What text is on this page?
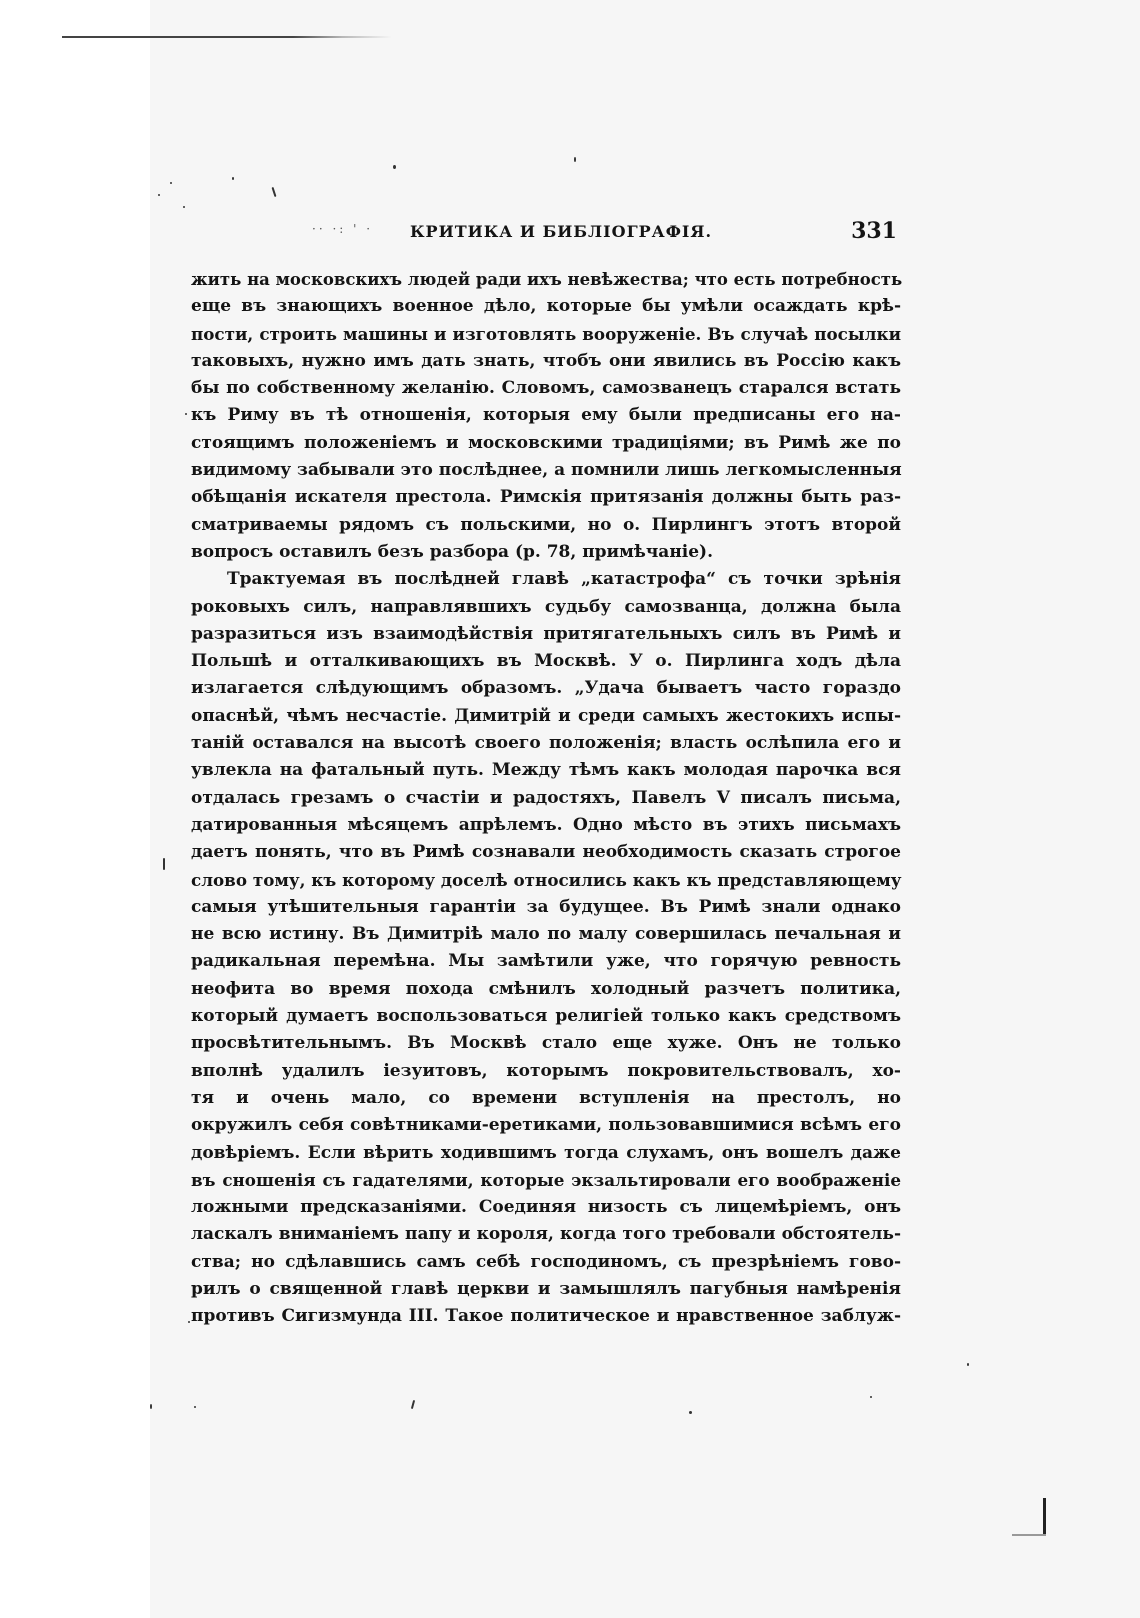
·· ·: ' · КРИТИКА И БИБЛІОГРАФІЯ.	331
жить на московскихъ людей ради ихъ невѣжества; что есть потребность
еще въ знающихъ военное дѣло, которые бы умѣли осаждать крѣ-
пости, строить машины и изготовлять вооруженіе. Въ случаѣ посылки
таковыхъ, нужно имъ дать знать, чтобъ они явились въ Россію какъ
бы по собственному желанію. Словомъ, самозванецъ старался встать
къ Риму въ тѣ отношенія, которыя ему были предписаны его на-
стоящимъ положеніемъ и московскими традиціями; въ Римѣ же по
видимому забывали это послѣднее, а помнили лишь легкомысленныя
обѣщанія искателя престола. Римскія притязанія должны быть раз-
сматриваемы рядомъ съ польскими, но о. Пирлингъ этотъ второй
вопросъ оставилъ безъ разбора (р. 78, примѣчаніе).
Трактуемая въ послѣдней главѣ „катастрофа“ съ точки зрѣнія
роковыхъ силъ, направлявшихъ судьбу самозванца, должна была
разразиться изъ взаимодѣйствія притягательныхъ силъ въ Римѣ и
Польшѣ и отталкивающихъ въ Москвѣ. У о. Пирлинга ходъ дѣла
излагается слѣдующимъ образомъ. „Удача бываетъ часто гораздо
опаснѣй, чѣмъ несчастіе. Димитрій и среди самыхъ жестокихъ испы-
таній оставался на высотѣ своего положенія; власть ослѣпила его и
увлекла на фатальный путь. Между тѣмъ какъ молодая парочка вся
отдалась грезамъ о счастіи и радостяхъ, Павелъ V писалъ письма,
датированныя мѣсяцемъ апрѣлемъ. Одно мѣсто въ этихъ письмахъ
даетъ понять, что въ Римѣ сознавали необходимость сказать строгое
слово тому, къ которому доселѣ относились какъ къ представляющему
самыя утѣшительныя гарантіи за будущее. Въ Римѣ знали однако
не всю истину. Въ Димитріѣ мало по малу совершилась печальная и
радикальная перемѣна. Мы замѣтили уже, что горячую ревность
неофита во время похода смѣнилъ холодный разчетъ политика,
который думаетъ воспользоваться религіей только какъ средствомъ
просвѣтительнымъ. Въ Москвѣ стало еще хуже. Онъ не только
вполнѣ удалилъ іезуитовъ, которымъ покровительствовалъ, хо-
тя и очень мало, со времени вступленія на престолъ, но
окружилъ себя совѣтниками-еретиками, пользовавшимися всѣмъ его
довѣріемъ. Если вѣрить ходившимъ тогда слухамъ, онъ вошелъ даже
въ сношенія съ гадателями, которые экзальтировали его воображеніе
ложными предсказаніями. Соединяя низость съ лицемѣріемъ, онъ
ласкалъ вниманіемъ папу и короля, когда того требовали обстоятель-
ства; но сдѣлавшись самъ себѣ господиномъ, съ презрѣніемъ гово-
рилъ о священной главѣ церкви и замышлялъ пагубныя намѣренія
противъ Сигизмунда III. Такое политическое и нравственное заблуж-
